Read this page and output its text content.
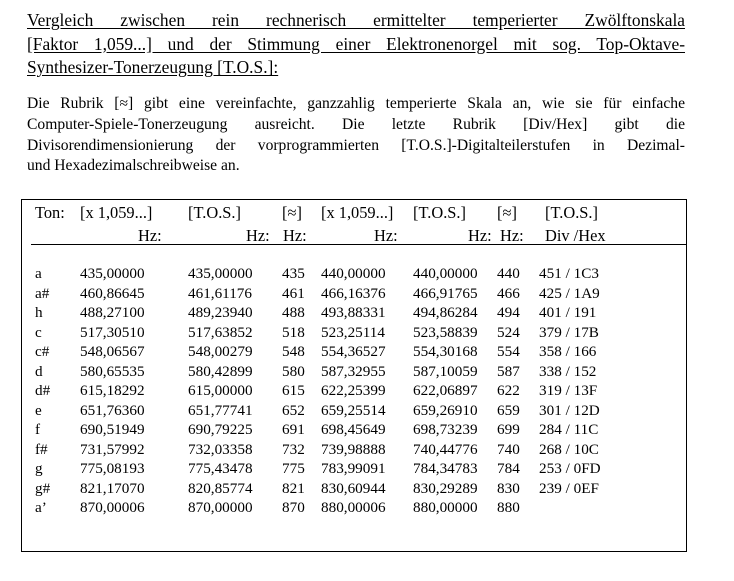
Vergleich zwischen rein rechnerisch ermittelter temperierter Zwölftonskala
[Faktor 1,059...] und der Stimmung einer Elektronenorgel mit sog. Top-Oktave-
Synthesizer-Tonerzeugung [T.O.S.]:
Die Rubrik [≈] gibt eine vereinfachte, ganzzahlig temperierte Skala an, wie sie für einfache
Computer-Spiele-Tonerzeugung ausreicht. Die letzte Rubrik [Div/Hex] gibt die
Divisorendimensionierung der vorprogrammierten [T.O.S.]-Digitalteilerstufen in Dezimal-
und Hexadezimalschreibweise an.
Ton: [x 1,059...] [T.O.S.]	[≈] [x 1,059...] [T.O.S.] [≈] [T.O.S.]
Hz:	Hz: Hz:	Hz:	Hz: Hz: Div /Hex
a	435,00000	435,00000 435 440,00000 440,00000 440 451 / 1C3
a# 460,86645	461,61176 461 466,16376 466,91765 466 425 / 1A9
h 488,27100	489,23940 488 493,88331 494,86284 494 401 / 191
c	517,30510	517,63852 518 523,25114 523,58839 524 379 / 17B
c# 548,06567	548,00279 548 554,36527 554,30168 554 358 / 166
d 580,65535	580,42899 580 587,32955 587,10059 587 338 / 152
d# 615,18292	615,00000 615 622,25399 622,06897 622 319 / 13F
e	651,76360	651,77741 652 659,25514 659,26910 659 301 / 12D
f	690,51949	690,79225 691 698,45649 698,73239 699 284 / 11C
f# 731,57992	732,03358 732 739,98888 740,44776 740 268 / 10C
g 775,08193	775,43478 775 783,99091 784,34783 784 253 / 0FD
g# 821,17070	820,85774 821 830,60944 830,29289 830 239 / 0EF
a’ 870,00006	870,00000 870 880,00006 880,00000 880
